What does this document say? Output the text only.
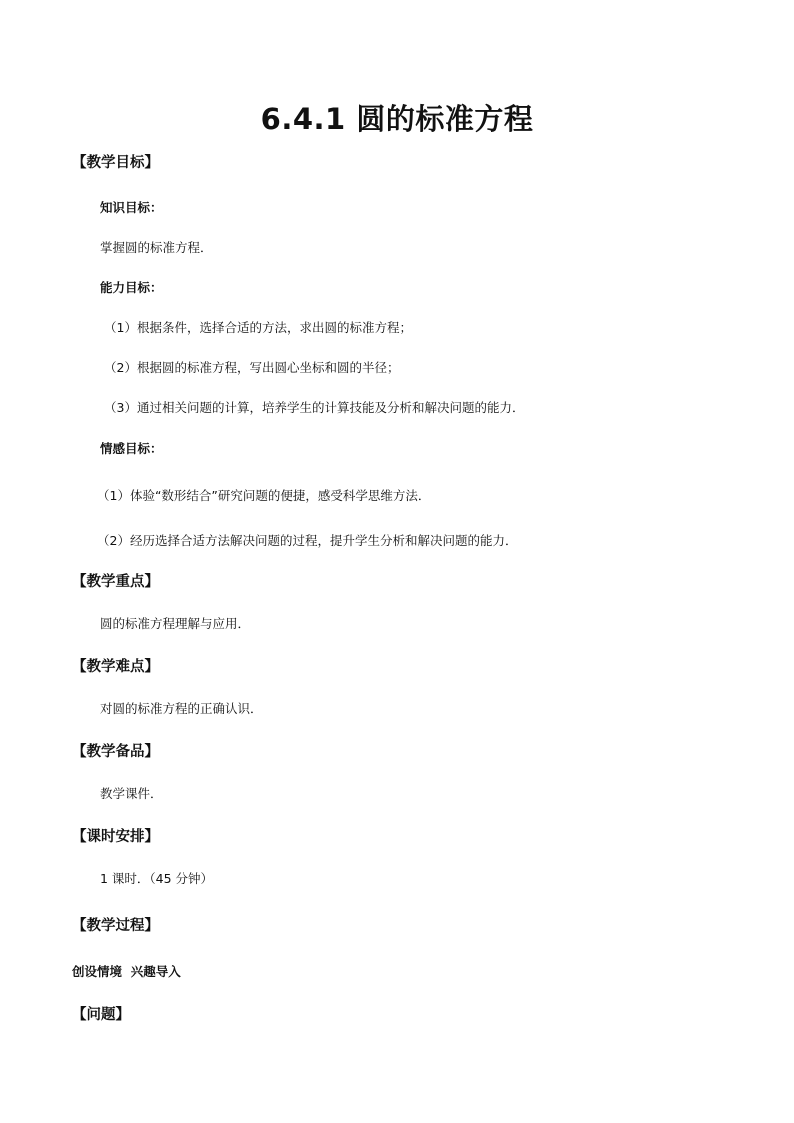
6.4.1 圆的标准方程
【教学目标】
知识目标：
掌握圆的标准方程．
能力目标：
（1）根据条件，选择合适的方法，求出圆的标准方程；
（2）根据圆的标准方程，写出圆心坐标和圆的半径；
（3）通过相关问题的计算，培养学生的计算技能及分析和解决问题的能力．
情感目标：
（1）体验“数形结合”研究问题的便捷，感受科学思维方法．
（2）经历选择合适方法解决问题的过程，提升学生分析和解决问题的能力．
【教学重点】
圆的标准方程理解与应用．
【教学难点】
对圆的标准方程的正确认识．
【教学备品】
教学课件．
【课时安排】
1 课时．（45 分钟）
【教学过程】
创设情境  兴趣导入
【问题】
